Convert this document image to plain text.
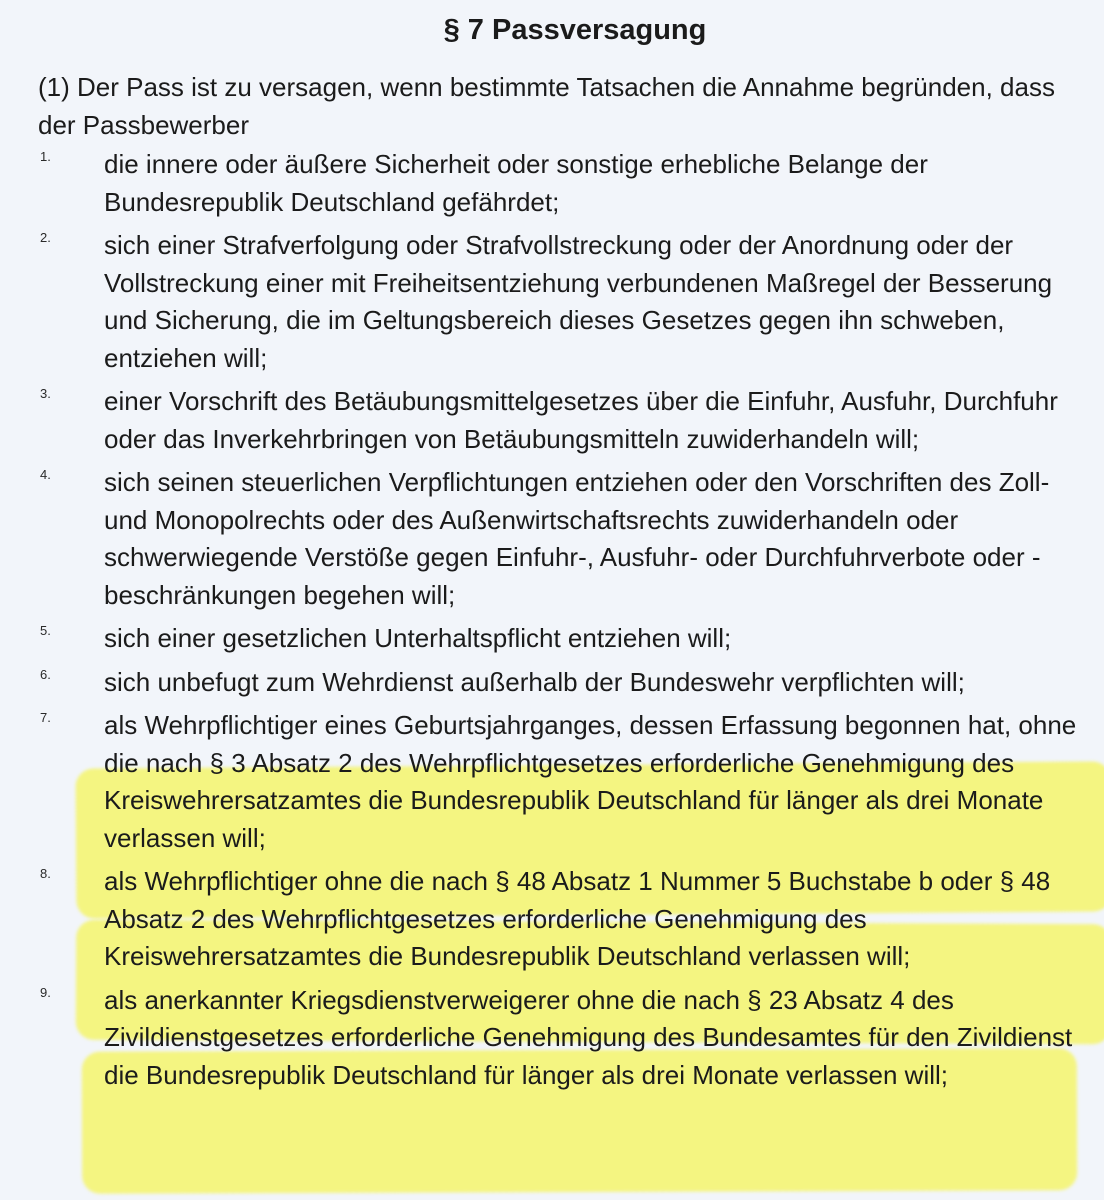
§ 7 Passversagung

(1) Der Pass ist zu versagen, wenn bestimmte Tatsachen die Annahme begründen, dass der Passbewerber

1. die innere oder äußere Sicherheit oder sonstige erhebliche Belange der Bundesrepublik Deutschland gefährdet;
2. sich einer Strafverfolgung oder Strafvollstreckung oder der Anordnung oder der Vollstreckung einer mit Freiheitsentziehung verbundenen Maßregel der Besserung und Sicherung, die im Geltungsbereich dieses Gesetzes gegen ihn schweben, entziehen will;
3. einer Vorschrift des Betäubungsmittelgesetzes über die Einfuhr, Ausfuhr, Durchfuhr oder das Inverkehrbringen von Betäubungsmitteln zuwiderhandeln will;
4. sich seinen steuerlichen Verpflichtungen entziehen oder den Vorschriften des Zoll- und Monopolrechts oder des Außenwirtschaftsrechts zuwiderhandeln oder schwerwiegende Verstöße gegen Einfuhr-, Ausfuhr- oder Durchfuhrverbote oder -beschränkungen begehen will;
5. sich einer gesetzlichen Unterhaltspflicht entziehen will;
6. sich unbefugt zum Wehrdienst außerhalb der Bundeswehr verpflichten will;
7. als Wehrpflichtiger eines Geburtsjahrganges, dessen Erfassung begonnen hat, ohne die nach § 3 Absatz 2 des Wehrpflichtgesetzes erforderliche Genehmigung des Kreiswehrersatzamtes die Bundesrepublik Deutschland für länger als drei Monate verlassen will;
8. als Wehrpflichtiger ohne die nach § 48 Absatz 1 Nummer 5 Buchstabe b oder § 48 Absatz 2 des Wehrpflichtgesetzes erforderliche Genehmigung des Kreiswehrersatzamtes die Bundesrepublik Deutschland verlassen will;
9. als anerkannter Kriegsdienstverweigerer ohne die nach § 23 Absatz 4 des Zivildienstgesetzes erforderliche Genehmigung des Bundesamtes für den Zivildienst die Bundesrepublik Deutschland für länger als drei Monate verlassen will;
